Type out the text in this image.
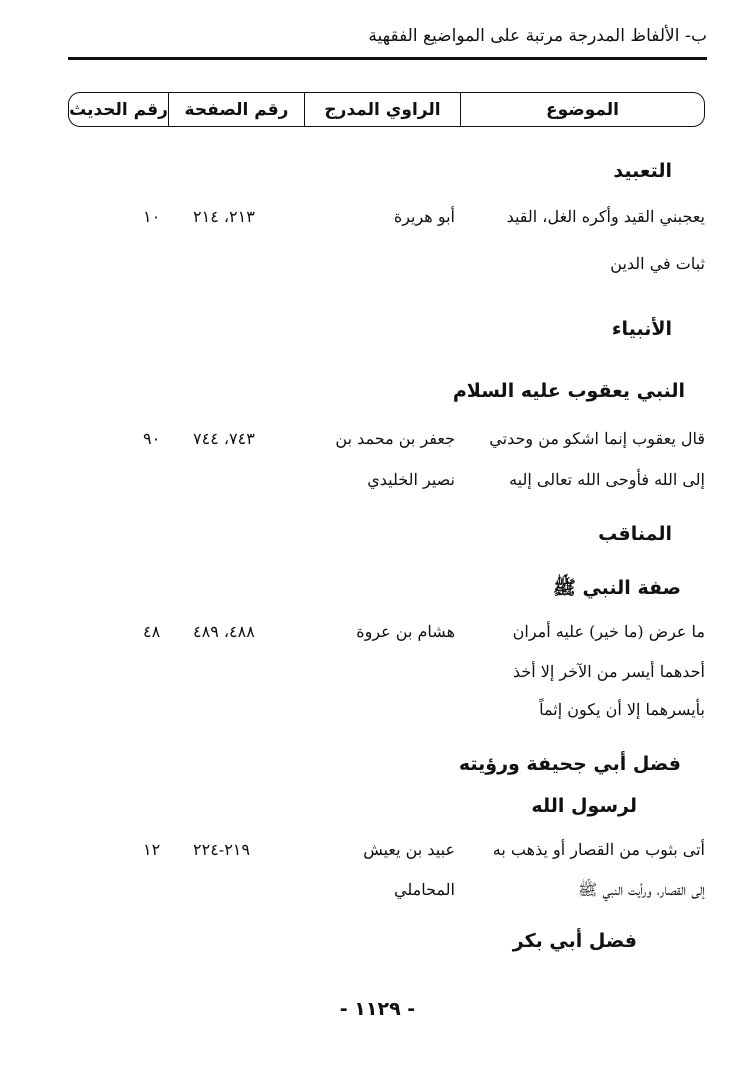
ب- الألفاظ المدرجة مرتبة على المواضيع الفقهية
الموضوع
الراوي المدرج
رقم الصفحة
رقم الحديث
التعبيد
يعجبني القيد وأكره الغل، القيد
أبو هريرة
٢١٣، ٢١٤
١٠
ثبات في الدين
الأنبياء
النبي يعقوب عليه السلام
قال يعقوب إنما اشكو من وحدتي
جعفر بن محمد بن
٧٤٣، ٧٤٤
٩٠
إلى الله فأوحى الله تعالى إليه
نصير الخليدي
المناقب
صفة النبي ﷺ
ما عرض (ما خير) عليه أمران
هشام بن عروة
٤٨٨، ٤٨٩
٤٨
أحدهما أيسر من الآخر إلا أخذ
بأيسرهما إلا أن يكون إثماً
فضل أبي جحيفة ورؤيته
لرسول الله
أتى بثوب من القصار أو يذهب به
عبيد بن يعيش
٢١٩-٢٢٤
١٢
إلى القصار، ورأيت النبي ﷺ
المحاملي
فضل أبي بكر
- ١١٢٩ -
